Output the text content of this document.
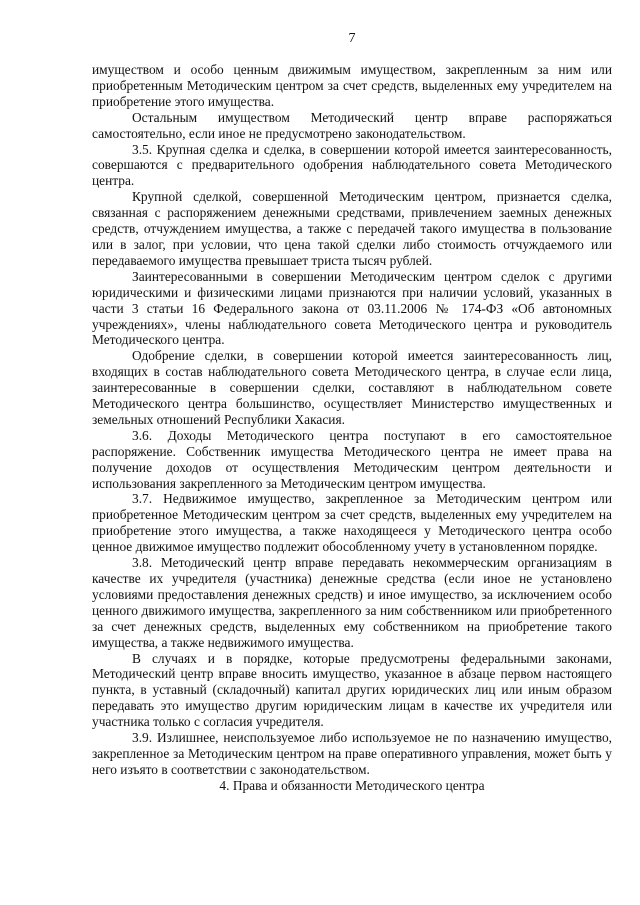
7

имуществом и особо ценным движимым имуществом, закрепленным за ним или приобретенным Методическим центром за счет средств, выделенных ему учредителем на приобретение этого имущества.

Остальным имуществом Методический центр вправе распоряжаться самостоятельно, если иное не предусмотрено законодательством.

3.5. Крупная сделка и сделка, в совершении которой имеется заинтересованность, совершаются с предварительного одобрения наблюдательного совета Методического центра.

Крупной сделкой, совершенной Методическим центром, признается сделка, связанная с распоряжением денежными средствами, привлечением заемных денежных средств, отчуждением имущества, а также с передачей такого имущества в пользование или в залог, при условии, что цена такой сделки либо стоимость отчуждаемого или передаваемого имущества превышает триста тысяч рублей.

Заинтересованными в совершении Методическим центром сделок с другими юридическими и физическими лицами признаются при наличии условий, указанных в части 3 статьи 16 Федерального закона от 03.11.2006 № 174-ФЗ «Об автономных учреждениях», члены наблюдательного совета Методического центра и руководитель Методического центра.

Одобрение сделки, в совершении которой имеется заинтересованность лиц, входящих в состав наблюдательного совета Методического центра, в случае если лица, заинтересованные в совершении сделки, составляют в наблюдательном совете Методического центра большинство, осуществляет Министерство имущественных и земельных отношений Республики Хакасия.

3.6. Доходы Методического центра поступают в его самостоятельное распоряжение. Собственник имущества Методического центра не имеет права на получение доходов от осуществления Методическим центром деятельности и использования закрепленного за Методическим центром имущества.

3.7. Недвижимое имущество, закрепленное за Методическим центром или приобретенное Методическим центром за счет средств, выделенных ему учредителем на приобретение этого имущества, а также находящееся у Методического центра особо ценное движимое имущество подлежит обособленному учету в установленном порядке.

3.8. Методический центр вправе передавать некоммерческим организациям в качестве их учредителя (участника) денежные средства (если иное не установлено условиями предоставления денежных средств) и иное имущество, за исключением особо ценного движимого имущества, закрепленного за ним собственником или приобретенного за счет денежных средств, выделенных ему собственником на приобретение такого имущества, а также недвижимого имущества.

В случаях и в порядке, которые предусмотрены федеральными законами, Методический центр вправе вносить имущество, указанное в абзаце первом настоящего пункта, в уставный (складочный) капитал других юридических лиц или иным образом передавать это имущество другим юридическим лицам в качестве их учредителя или участника только с согласия учредителя.

3.9. Излишнее, неиспользуемое либо используемое не по назначению имущество, закрепленное за Методическим центром на праве оперативного управления, может быть у него изъято в соответствии с законодательством.

4. Права и обязанности Методического центра
